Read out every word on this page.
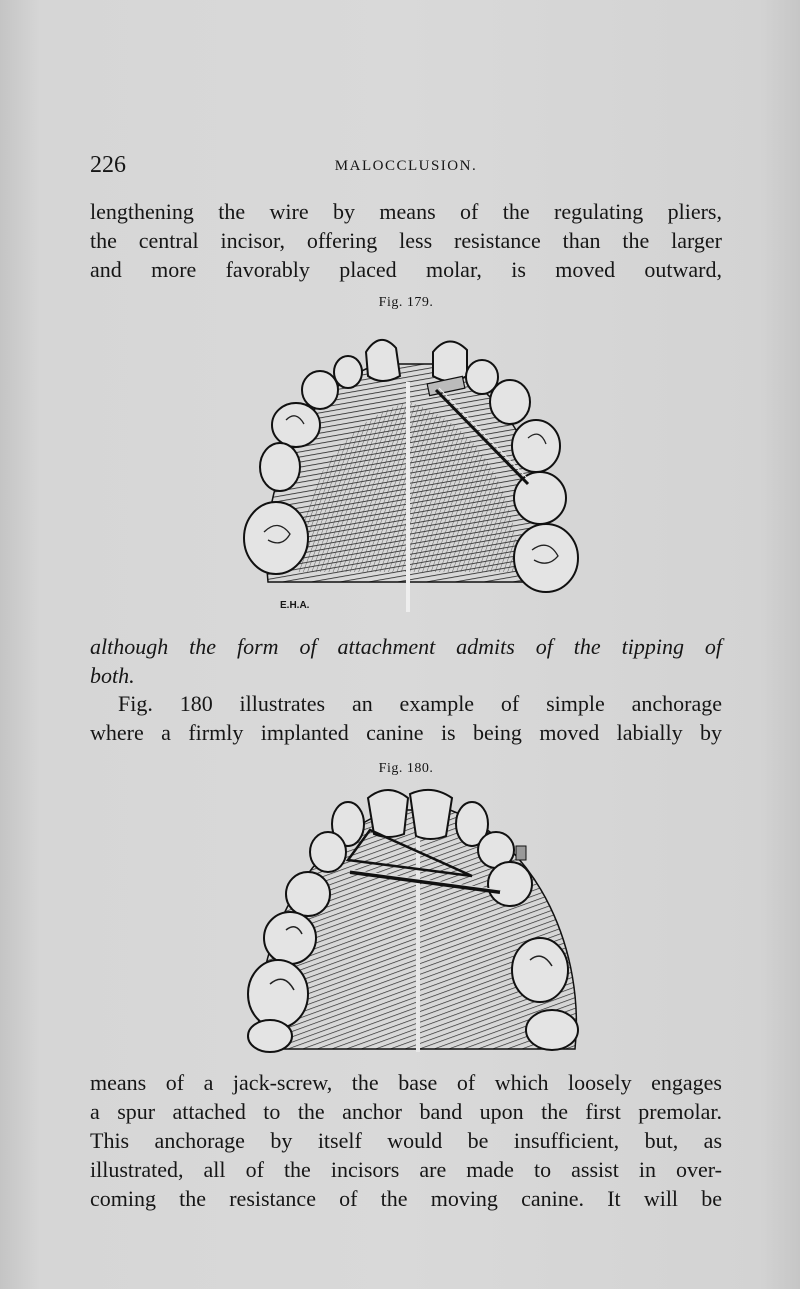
226	MALOCCLUSION.
lengthening the wire by means of the regulating pliers,
the central incisor, offering less resistance than the larger
and more favorably placed molar, is moved outward,
Fig. 179.
E.H.A.
although the form of attachment admits of the tipping of
both.
Fig. 180 illustrates an example of simple anchorage
where a firmly implanted canine is being moved labially by
Fig. 180.
means of a jack-screw, the base of which loosely engages
a spur attached to the anchor band upon the first premolar.
This anchorage by itself would be insufficient, but, as
illustrated, all of the incisors are made to assist in over-
coming the resistance of the moving canine. It will be
